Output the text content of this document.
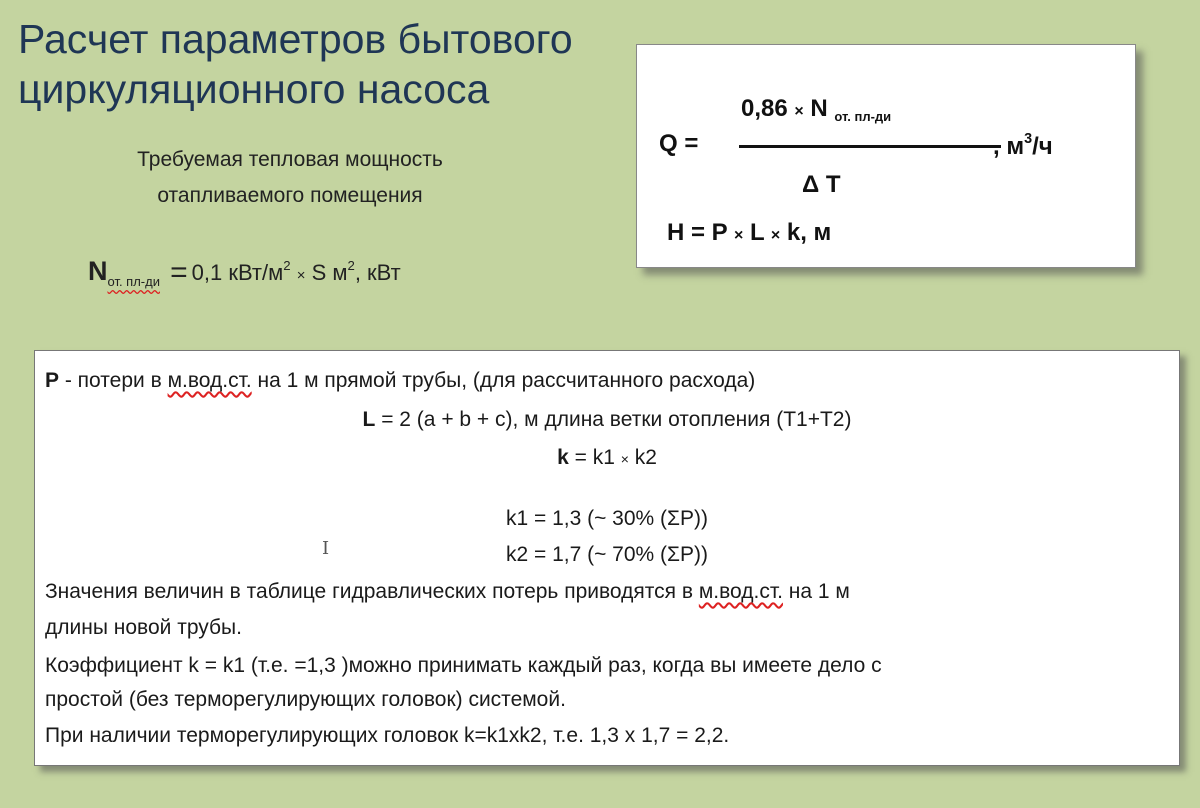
Расчет параметров бытового
циркуляционного насоса
Требуемая тепловая мощность
отапливаемого помещения
$N_{от. пл-ди} = 0,1$ кВт/$м^2 \times S$ $м^2$, кВт
Q =
0,86 × N $_{от. пл-ди}$
Δ T
, $м^3/ч$
H = P × L × k, м
P - потери в м.вод.ст. на 1 м прямой трубы, (для рассчитанного расхода)
L = 2 (a + b + c), м длина ветки отопления (Т1+Т2)
k = k1 × k2
k1 = 1,3 (~ 30% (ΣР))
k2 = 1,7 (~ 70% (ΣР))
Значения величин в таблице гидравлических потерь приводятся в м.вод.ст. на 1 м
длины новой трубы.
Коэффициент k = k1 (т.е. =1,3 )можно принимать каждый раз, когда вы имеете дело с
простой (без терморегулирующих головок) системой.
При наличии терморегулирующих головок k=k1xk2, т.е. 1,3 х 1,7 = 2,2.
I
